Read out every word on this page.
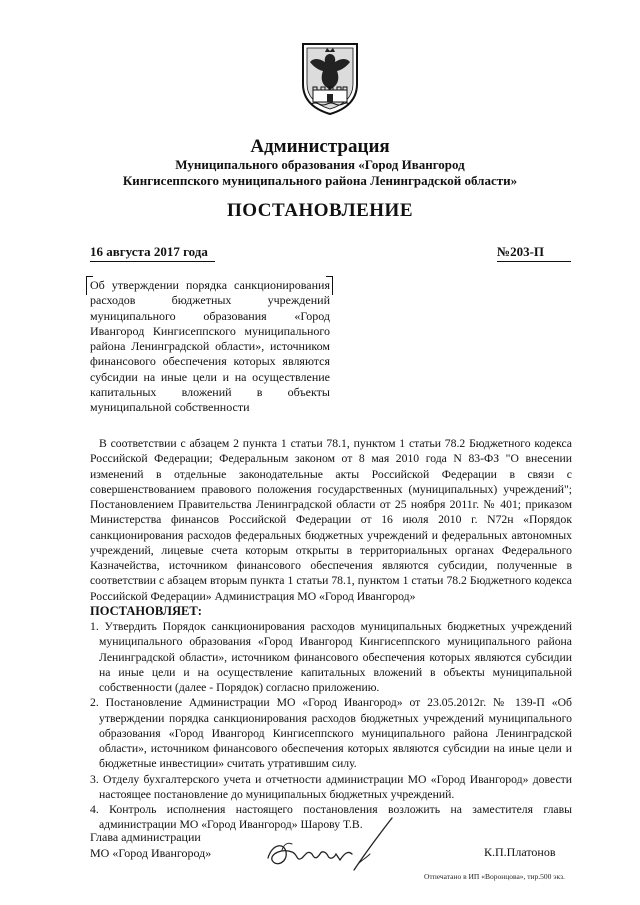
Администрация
Муниципального образования «Город Ивангород
Кингисеппского муниципального района Ленинградской области»
ПОСТАНОВЛЕНИЕ
16 августа 2017 года	№203-П
Об утверждении порядка санкционирования расходов бюджетных учреждений муниципального образования «Город Ивангород Кингисеппского муниципального района Ленинградской области», источником финансового обеспечения которых являются субсидии на иные цели и на осуществление капитальных вложений в объекты муниципальной собственности

В соответствии с абзацем 2 пункта 1 статьи 78.1, пунктом 1 статьи 78.2 Бюджетного кодекса Российской Федерации; Федеральным законом от 8 мая 2010 года N 83-ФЗ "О внесении изменений в отдельные законодательные акты Российской Федерации в связи с совершенствованием правового положения государственных (муниципальных) учреждений"; Постановлением Правительства Ленинградской области от 25 ноября 2011г. № 401; приказом Министерства финансов Российской Федерации от 16 июля 2010 г. N72н «Порядок санкционирования расходов федеральных бюджетных учреждений и федеральных автономных учреждений, лицевые счета которым открыты в территориальных органах Федерального Казначейства, источником финансового обеспечения являются субсидии, полученные в соответствии с абзацем вторым пункта 1 статьи 78.1, пунктом 1 статьи 78.2 Бюджетного кодекса Российской Федерации» Администрация МО «Город Ивангород»

ПОСТАНОВЛЯЕТ:

1. Утвердить Порядок санкционирования расходов муниципальных бюджетных учреждений муниципального образования «Город Ивангород Кингисеппского муниципального района Ленинградской области», источником финансового обеспечения которых являются субсидии на иные цели и на осуществление капитальных вложений в объекты муниципальной собственности (далее - Порядок) согласно приложению.

2. Постановление Администрации МО «Город Ивангород» от 23.05.2012г. № 139-П «Об утверждении порядка санкционирования расходов бюджетных учреждений муниципального образования «Город Ивангород Кингисеппского муниципального района Ленинградской области», источником финансового обеспечения которых являются субсидии на иные цели и бюджетные инвестиции» считать утратившим силу.

3. Отделу бухгалтерского учета и отчетности администрации МО «Город Ивангород» довести настоящее постановление до муниципальных бюджетных учреждений.

4. Контроль исполнения настоящего постановления возложить на заместителя главы администрации МО «Город Ивангород» Шарову Т.В.

Глава администрации
МО «Город Ивангород»	К.П.Платонов
Отпечатано в ИП «Воронцова», тир.500 экз.
